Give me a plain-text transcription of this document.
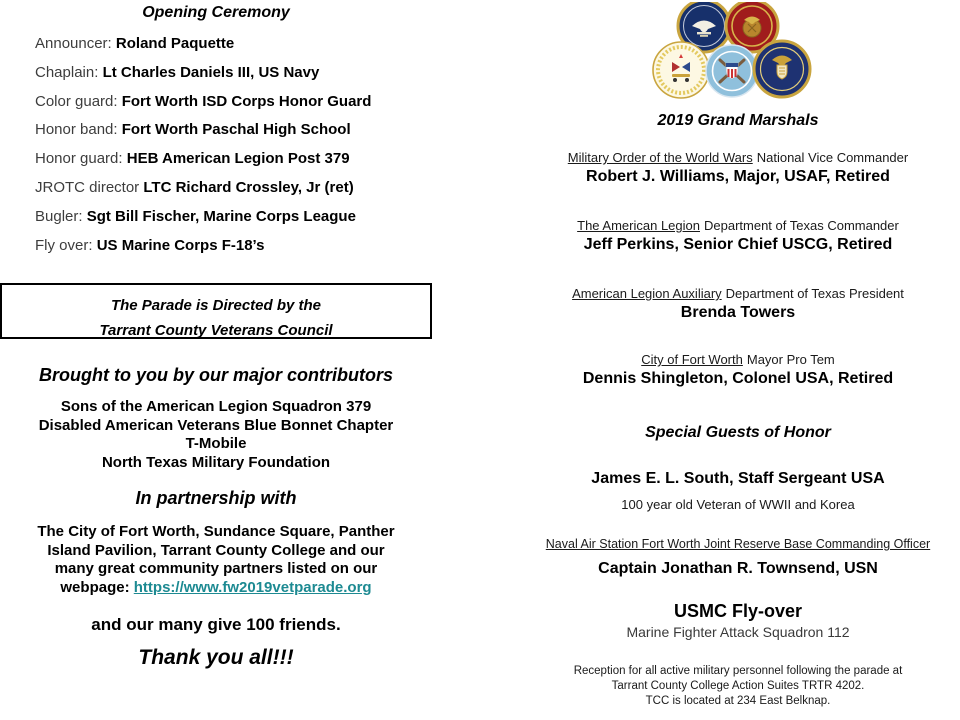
Opening Ceremony
Announcer: Roland Paquette
Chaplain: Lt Charles Daniels III, US Navy
Color guard: Fort Worth ISD Corps Honor Guard
Honor band: Fort Worth Paschal High School
Honor guard: HEB American Legion Post 379
JROTC director LTC Richard Crossley, Jr (ret)
Bugler: Sgt Bill Fischer, Marine Corps League
Fly over: US Marine Corps F-18’s
The Parade is Directed by the
Tarrant County Veterans Council
Brought to you by our major contributors
Sons of the American Legion Squadron 379
Disabled American Veterans Blue Bonnet Chapter
T-Mobile
North Texas Military Foundation
In partnership with
The City of Fort Worth, Sundance Square, Panther
Island Pavilion, Tarrant County College and our
many great community partners listed on our
webpage: https://www.fw2019vetparade.org
and our many give 100 friends.
Thank you all!!!
2019 Grand Marshals
Military Order of the World Wars National Vice Commander
Robert J. Williams, Major, USAF, Retired
The American Legion Department of Texas Commander
Jeff Perkins, Senior Chief USCG, Retired
American Legion Auxiliary Department of Texas President
Brenda Towers
City of Fort Worth Mayor Pro Tem
Dennis Shingleton, Colonel USA, Retired
Special Guests of Honor
James E. L. South, Staff Sergeant USA
100 year old Veteran of WWII and Korea
Naval Air Station Fort Worth Joint Reserve Base Commanding Officer
Captain Jonathan R. Townsend, USN
USMC Fly-over
Marine Fighter Attack Squadron 112
Reception for all active military personnel following the parade at
Tarrant County College Action Suites TRTR 4202.
TCC is located at 234 East Belknap.
